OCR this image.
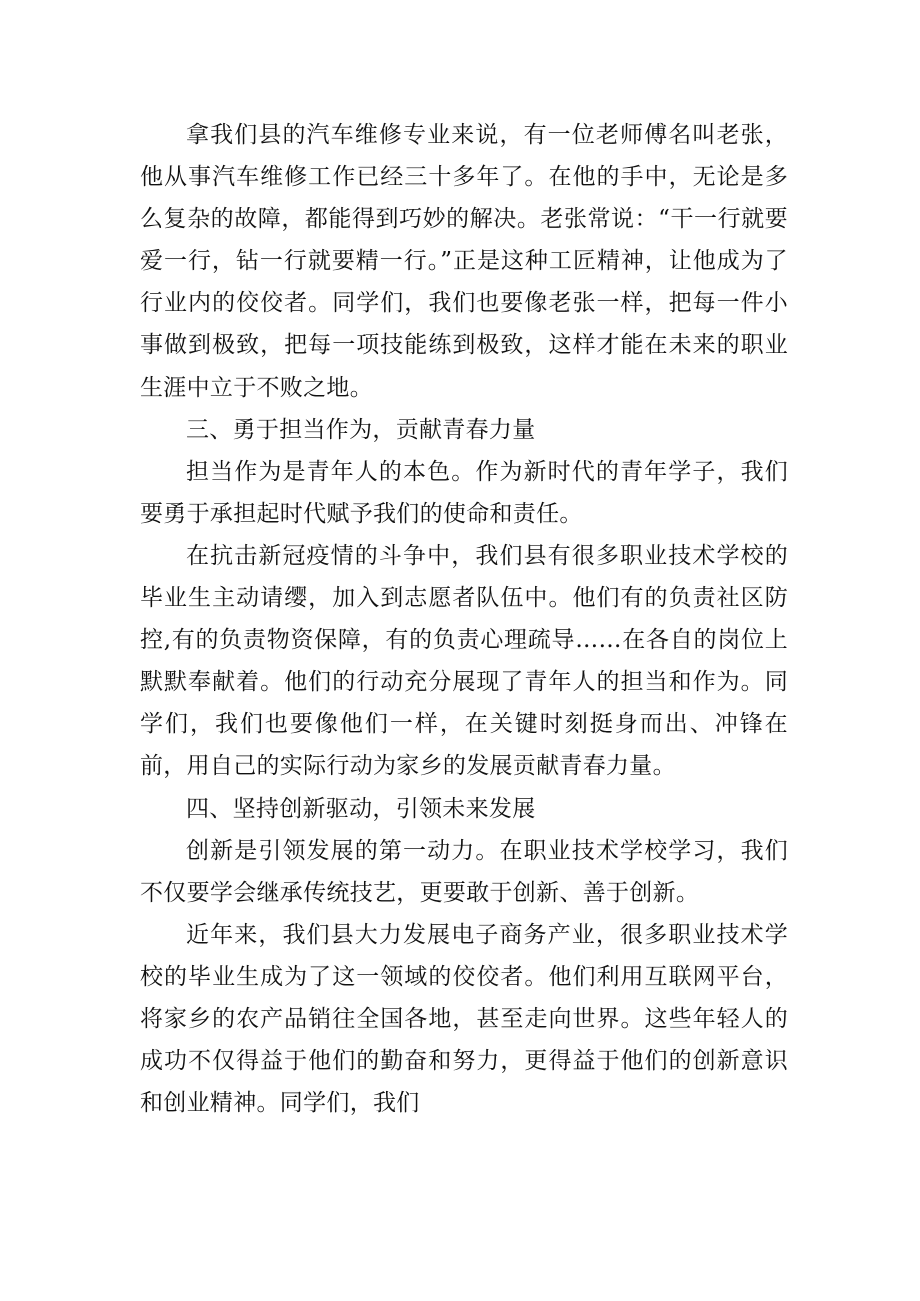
拿我们县的汽车维修专业来说，有一位老师傅名叫老张，他从事汽车维修工作已经三十多年了。在他的手中，无论是多么复杂的故障，都能得到巧妙的解决。老张常说：“干一行就要爱一行，钻一行就要精一行。”正是这种工匠精神，让他成为了行业内的佼佼者。同学们，我们也要像老张一样，把每一件小事做到极致，把每一项技能练到极致，这样才能在未来的职业生涯中立于不败之地。

三、勇于担当作为，贡献青春力量

担当作为是青年人的本色。作为新时代的青年学子，我们要勇于承担起时代赋予我们的使命和责任。

在抗击新冠疫情的斗争中，我们县有很多职业技术学校的毕业生主动请缨，加入到志愿者队伍中。他们有的负责社区防控,有的负责物资保障，有的负责心理疏导……在各自的岗位上默默奉献着。他们的行动充分展现了青年人的担当和作为。同学们，我们也要像他们一样，在关键时刻挺身而出、冲锋在前，用自己的实际行动为家乡的发展贡献青春力量。

四、坚持创新驱动，引领未来发展

创新是引领发展的第一动力。在职业技术学校学习，我们不仅要学会继承传统技艺，更要敢于创新、善于创新。

近年来，我们县大力发展电子商务产业，很多职业技术学校的毕业生成为了这一领域的佼佼者。他们利用互联网平台，将家乡的农产品销往全国各地，甚至走向世界。这些年轻人的成功不仅得益于他们的勤奋和努力，更得益于他们的创新意识和创业精神。同学们，我们
